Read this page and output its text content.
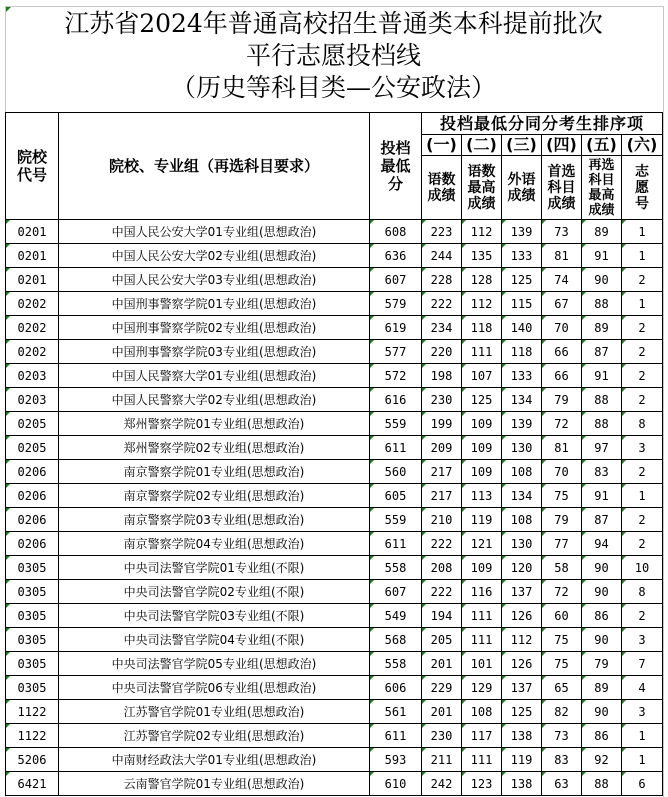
江苏省2024年普通高校招生普通类本科提前批次
平行志愿投档线
（历史等科目类—公安政法）
院校代号	院校、专业组（再选科目要求）	投档最低分	投档最低分同分考生排序项					
			(一)	(二)	(三)	(四)	(五)	(六)

			语数成绩	语数最高成绩	外语成绩	首选科目成绩	再选科目最高成绩	志愿号

0201	中国人民公安大学01专业组(思想政治)	608	223	112	139	73	89	1

0201	中国人民公安大学02专业组(思想政治)	636	244	135	133	81	91	1

0201	中国人民公安大学03专业组(思想政治)	607	228	128	125	74	90	2

0202	中国刑事警察学院01专业组(思想政治)	579	222	112	115	67	88	1

0202	中国刑事警察学院02专业组(思想政治)	619	234	118	140	70	89	2

0202	中国刑事警察学院03专业组(思想政治)	577	220	111	118	66	87	2

0203	中国人民警察大学01专业组(思想政治)	572	198	107	133	66	91	2

0203	中国人民警察大学02专业组(思想政治)	616	230	125	134	79	88	2

0205	郑州警察学院01专业组(思想政治)	559	199	109	139	72	88	8

0205	郑州警察学院02专业组(思想政治)	611	209	109	130	81	97	3

0206	南京警察学院01专业组(思想政治)	560	217	109	108	70	83	2

0206	南京警察学院02专业组(思想政治)	605	217	113	134	75	91	1

0206	南京警察学院03专业组(思想政治)	559	210	119	108	79	87	2

0206	南京警察学院04专业组(思想政治)	611	222	121	130	77	94	2

0305	中央司法警官学院01专业组(不限)	558	208	109	120	58	90	10

0305	中央司法警官学院02专业组(不限)	607	222	116	137	72	90	8

0305	中央司法警官学院03专业组(不限)	549	194	111	126	60	86	2

0305	中央司法警官学院04专业组(不限)	568	205	111	112	75	90	3

0305	中央司法警官学院05专业组(思想政治)	558	201	101	126	75	79	7

0305	中央司法警官学院06专业组(思想政治)	606	229	129	137	65	89	4

1122	江苏警官学院01专业组(思想政治)	561	201	108	125	82	90	3

1122	江苏警官学院02专业组(思想政治)	611	230	117	138	73	86	1

5206	中南财经政法大学01专业组(思想政治)	593	211	111	119	83	92	1

6421	云南警官学院01专业组(思想政治)	610	242	123	138	63	88	6
